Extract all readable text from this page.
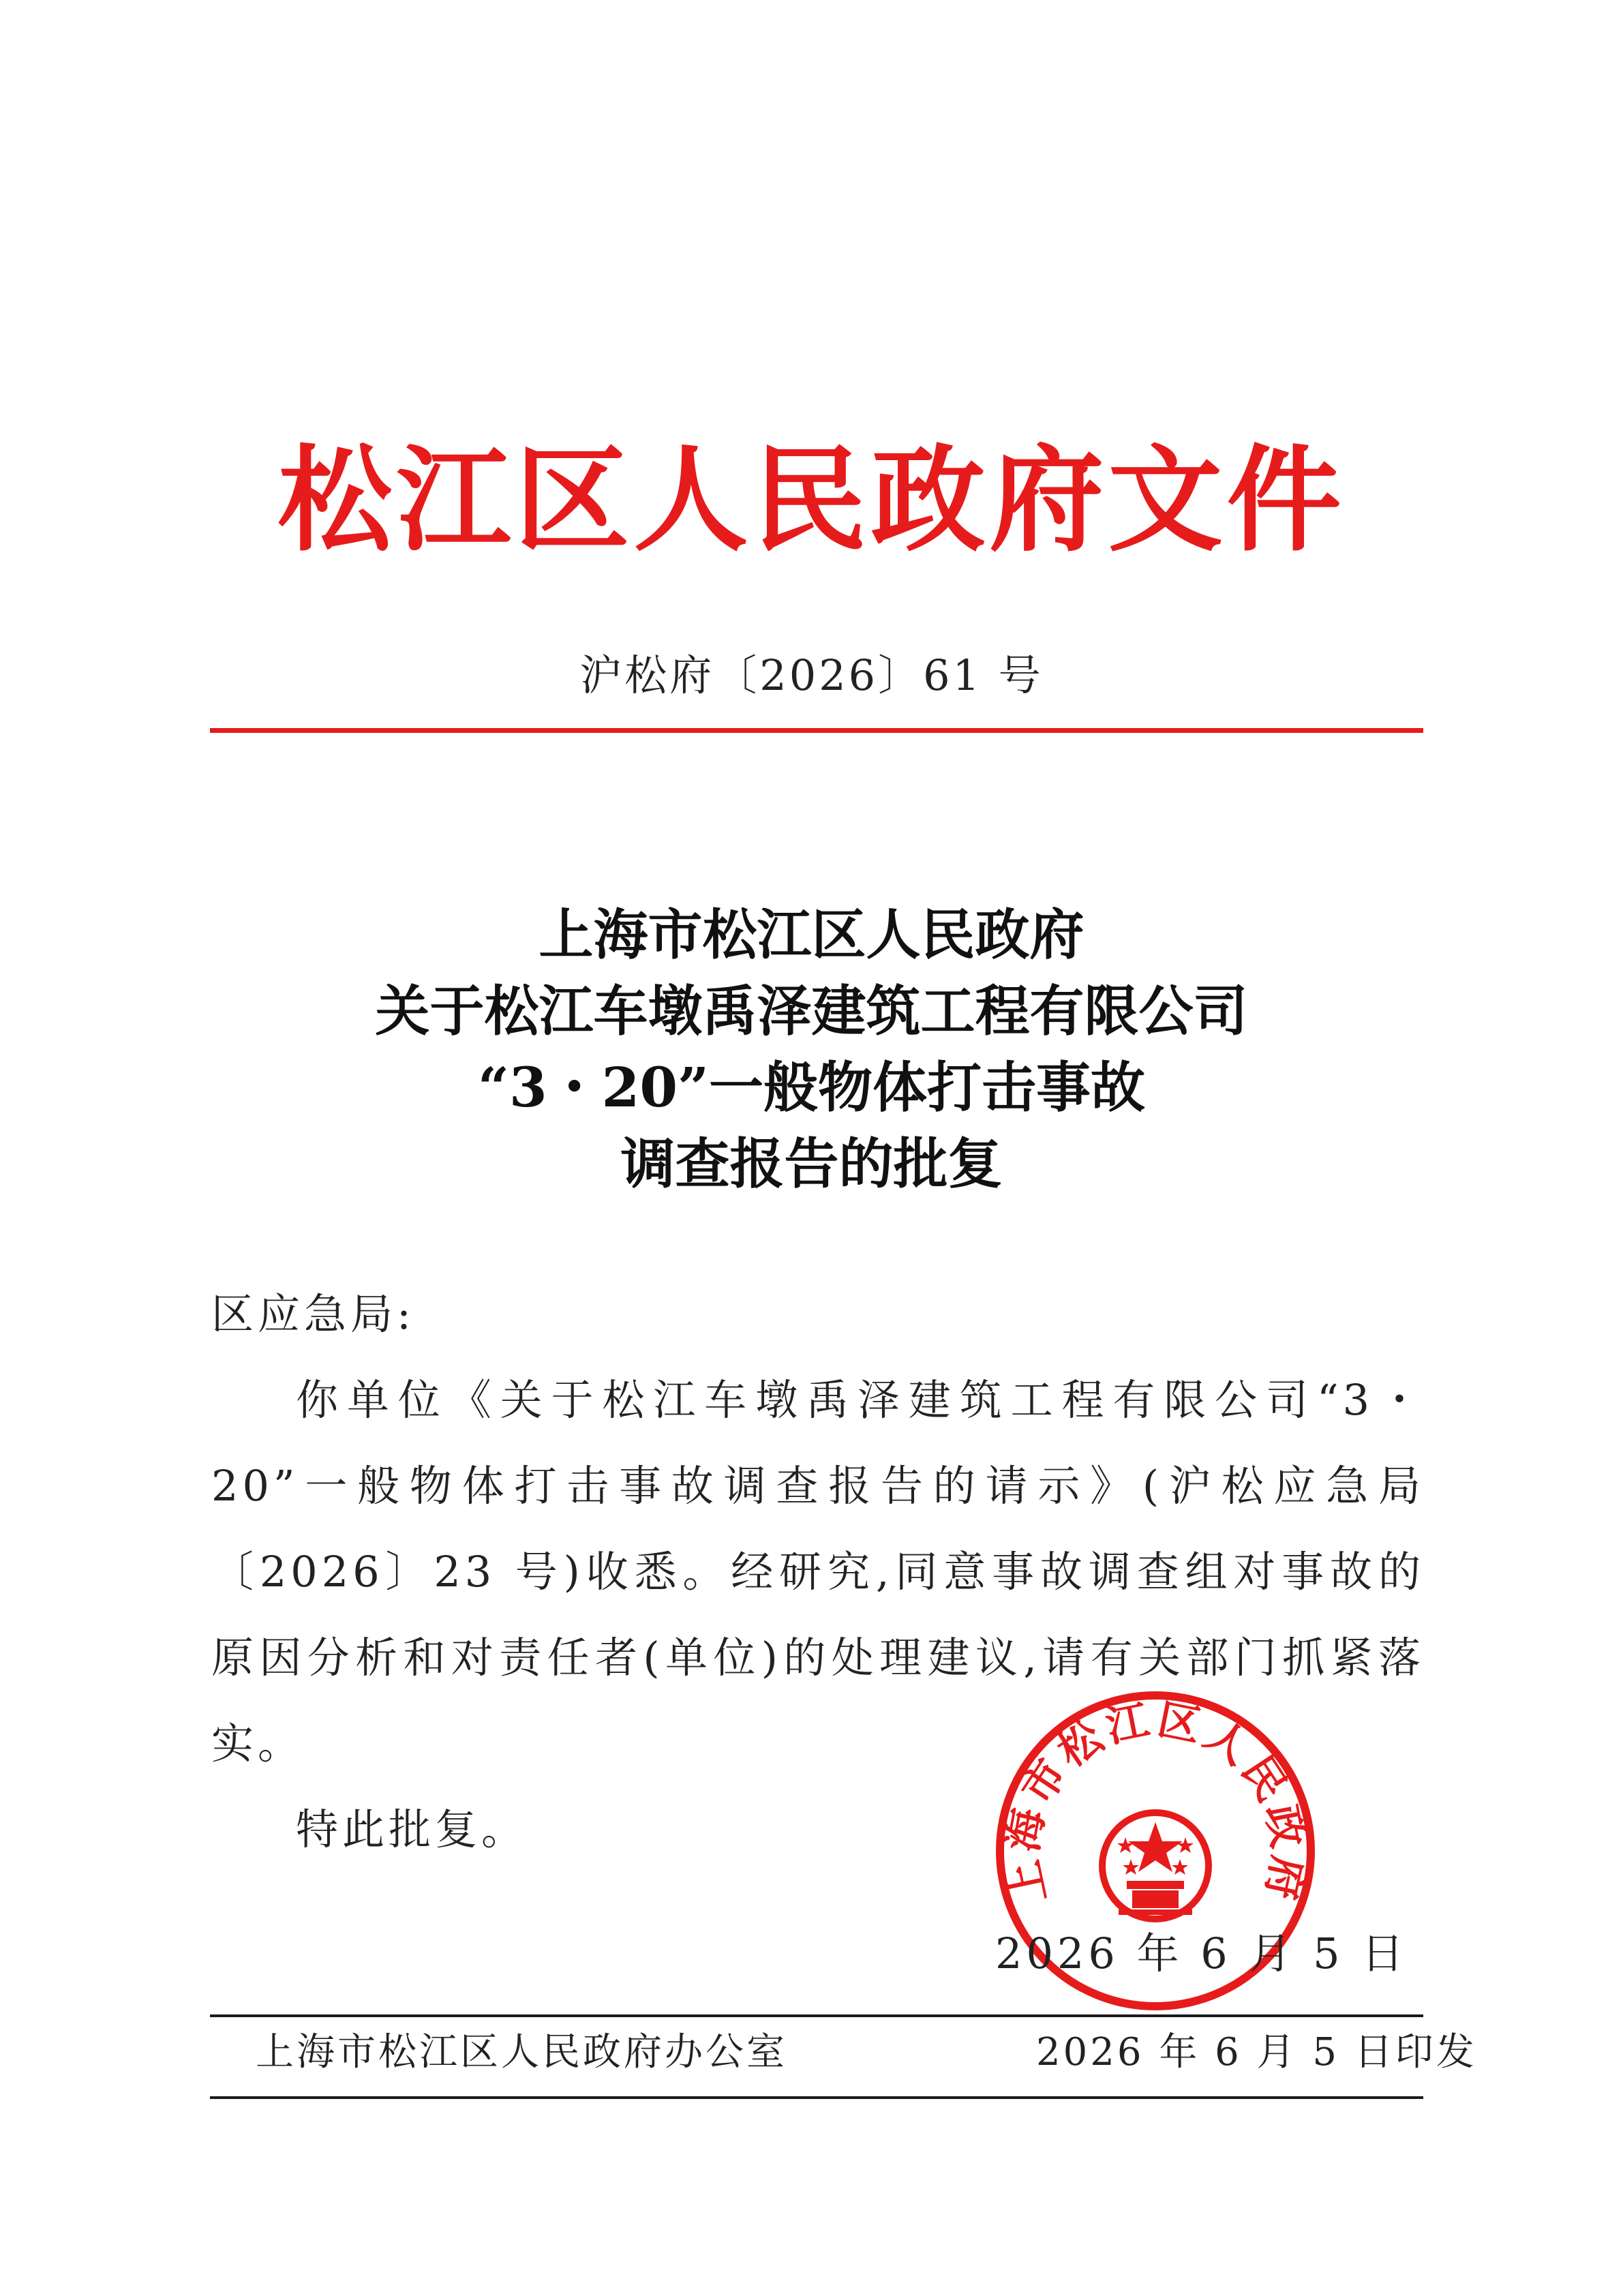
松江区人民政府文件
沪松府〔2026〕61 号
上海市松江区人民政府
关于松江车墩禹泽建筑工程有限公司
“3・20”一般物体打击事故
调查报告的批复
区应急局:
你单位《关于松江车墩禹泽建筑工程有限公司“3・20”一般物体打击事故调查报告的请示》(沪松应急局〔2026〕23 号)收悉。经研究,同意事故调查组对事故的原因分析和对责任者(单位)的处理建议,请有关部门抓紧落实。
特此批复。
上海市松江区人民政府
2026 年 6 月 5 日
上海市松江区人民政府办公室	2026 年 6 月 5 日印发
